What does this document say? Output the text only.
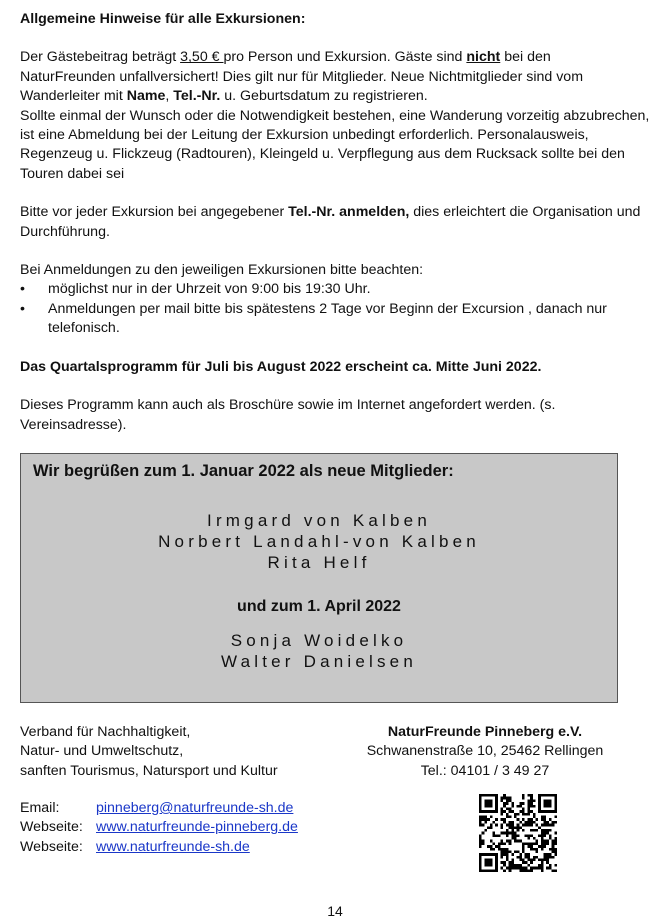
Allgemeine Hinweise für alle Exkursionen:

Der Gästebeitrag beträgt 3,50 € pro Person und Exkursion. Gäste sind nicht bei den NaturFreunden unfallversichert! Dies gilt nur für Mitglieder. Neue Nichtmitglieder sind vom Wanderleiter mit Name, Tel.-Nr. u. Geburtsdatum zu registrieren.

Sollte einmal der Wunsch oder die Notwendigkeit bestehen, eine Wanderung vorzeitig abzubrechen, ist eine Abmeldung bei der Leitung der Exkursion unbedingt erforderlich. Personalausweis, Regenzeug u. Flickzeug (Radtouren), Kleingeld u. Verpflegung aus dem Rucksack sollte bei den Touren dabei sei

Bitte vor jeder Exkursion bei angegebener Tel.-Nr. anmelden, dies erleichtert die Organisation und Durchführung.

Bei Anmeldungen zu den jeweiligen Exkursionen bitte beachten:

• möglichst nur in der Uhrzeit von 9:00 bis 19:30 Uhr.
• Anmeldungen per mail bitte bis spätestens 2 Tage vor Beginn der Excursion , danach nur telefonisch.

Das Quartalsprogramm für Juli bis August 2022 erscheint ca. Mitte Juni 2022.

Dieses Programm kann auch als Broschüre sowie im Internet angefordert werden. (s. Vereinsadresse).

Wir begrüßen zum 1. Januar 2022 als neue Mitglieder:
Irmgard von Kalben
Norbert Landahl-von Kalben
Rita Helf
und zum 1. April 2022
Sonja Woidelko
Walter Danielsen
Verband für Nachhaltigkeit,
Natur- und Umweltschutz,
sanften Tourismus, Natursport und Kultur
NaturFreunde Pinneberg e.V.
Schwanenstraße 10, 25462 Rellingen
Tel.: 04101 / 3 49 27
Email:	pinneberg@naturfreunde-sh.de
Webseite: www.naturfreunde-pinneberg.de
Webseite: www.naturfreunde-sh.de
14
